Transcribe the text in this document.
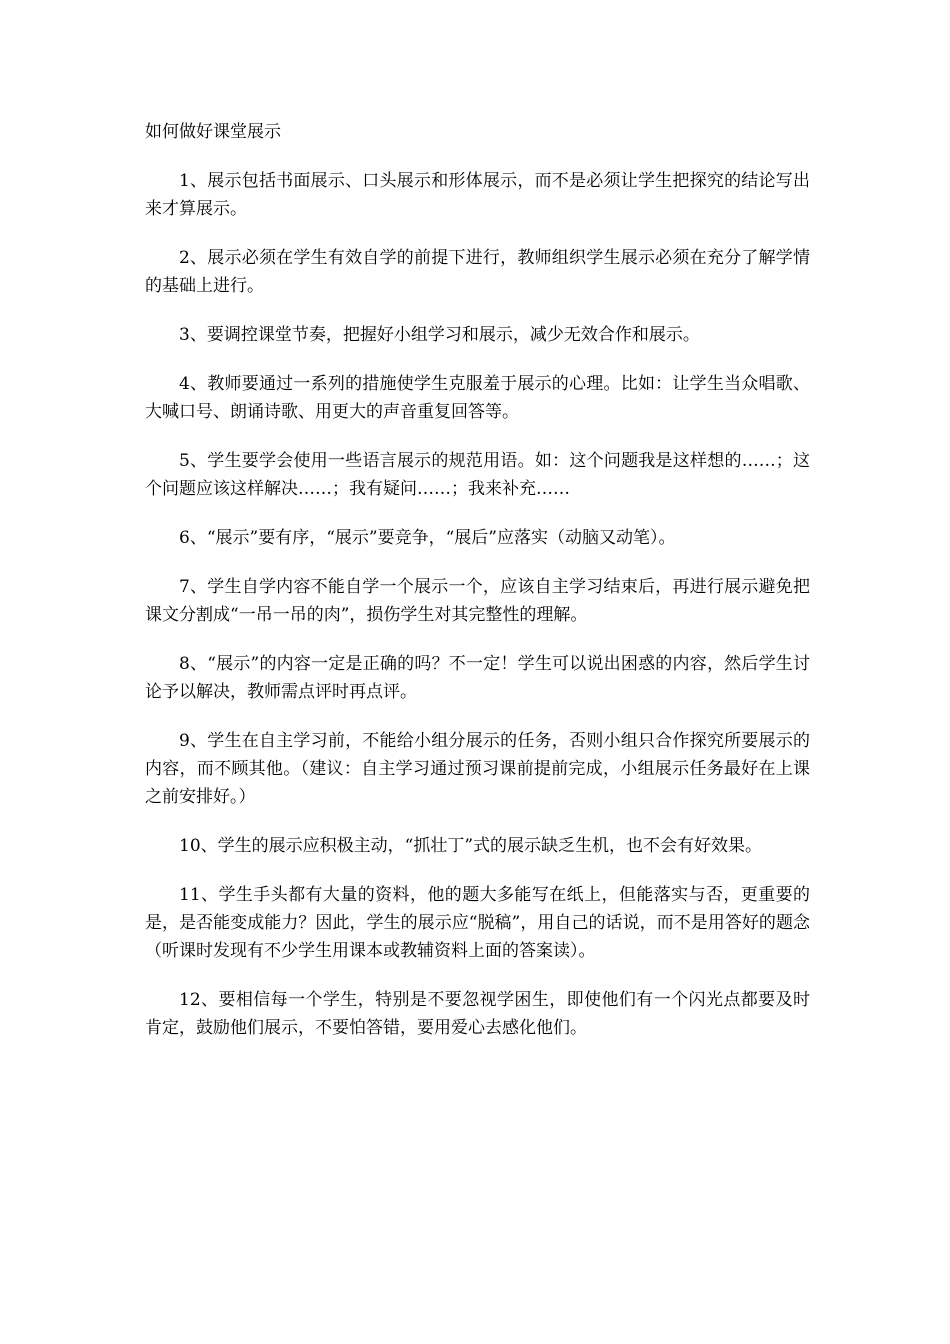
如何做好课堂展示

1、展示包括书面展示、口头展示和形体展示，而不是必须让学生把探究的结论写出来才算展示。

2、展示必须在学生有效自学的前提下进行，教师组织学生展示必须在充分了解学情的基础上进行。

3、要调控课堂节奏，把握好小组学习和展示，减少无效合作和展示。

4、教师要通过一系列的措施使学生克服羞于展示的心理。比如：让学生当众唱歌、大喊口号、朗诵诗歌、用更大的声音重复回答等。

5、学生要学会使用一些语言展示的规范用语。如：这个问题我是这样想的……；这个问题应该这样解决……；我有疑问……；我来补充……

6、“展示”要有序，“展示”要竞争，“展后”应落实（动脑又动笔）。

7、学生自学内容不能自学一个展示一个，应该自主学习结束后，再进行展示避免把课文分割成“一吊一吊的肉”，损伤学生对其完整性的理解。

8、“展示”的内容一定是正确的吗？不一定！学生可以说出困惑的内容，然后学生讨论予以解决，教师需点评时再点评。

9、学生在自主学习前，不能给小组分展示的任务，否则小组只合作探究所要展示的内容，而不顾其他。（建议：自主学习通过预习课前提前完成，小组展示任务最好在上课之前安排好。）

10、学生的展示应积极主动，“抓壮丁”式的展示缺乏生机，也不会有好效果。

11、学生手头都有大量的资料，他的题大多能写在纸上，但能落实与否，更重要的是，是否能变成能力？因此，学生的展示应“脱稿”，用自己的话说，而不是用答好的题念（听课时发现有不少学生用课本或教辅资料上面的答案读）。

12、要相信每一个学生，特别是不要忽视学困生，即使他们有一个闪光点都要及时肯定，鼓励他们展示，不要怕答错，要用爱心去感化他们。
